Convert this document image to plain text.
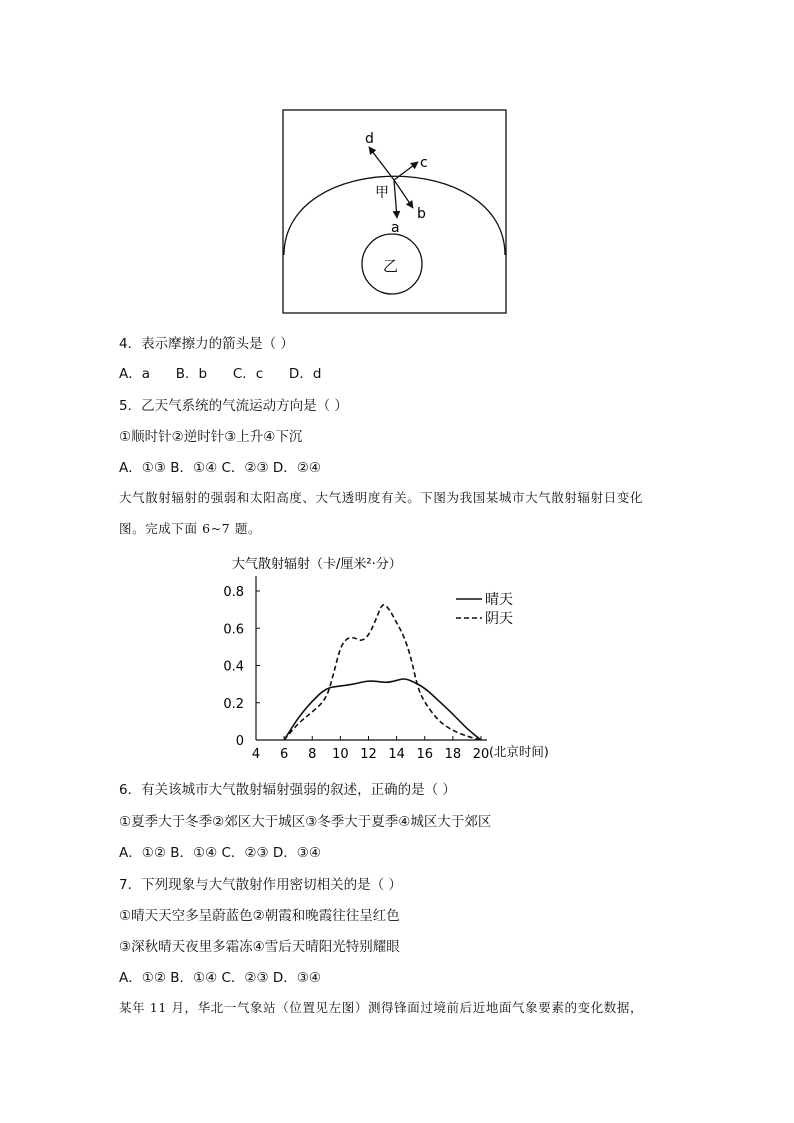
d
c
b
a
甲
乙
4．表示摩擦力的箭头是（ ）
A．a      B．b      C．c      D．d
5．乙天气系统的气流运动方向是（ ）
①顺时针②逆时针③上升④下沉
A．①③ B．①④ C．②③ D．②④
大气散射辐射的强弱和太阳高度、大气透明度有关。下图为我国某城市大气散射辐射日变化
图。完成下面 6~7 题。
0
0.2
0.4
0.6
0.8
4 6 8 10 12 14 16 18 20
大气散射辐射（卡/厘米²·分）
(北京时间)
晴天
阴天
6．有关该城市大气散射辐射强弱的叙述，正确的是（ ）
①夏季大于冬季②郊区大于城区③冬季大于夏季④城区大于郊区
A．①② B．①④ C．②③ D．③④
7．下列现象与大气散射作用密切相关的是（ ）
①晴天天空多呈蔚蓝色②朝霞和晚霞往往呈红色
③深秋晴天夜里多霜冻④雪后天晴阳光特别耀眼
A．①② B．①④ C．②③ D．③④
某年 11 月，华北一气象站（位置见左图）测得锋面过境前后近地面气象要素的变化数据，
